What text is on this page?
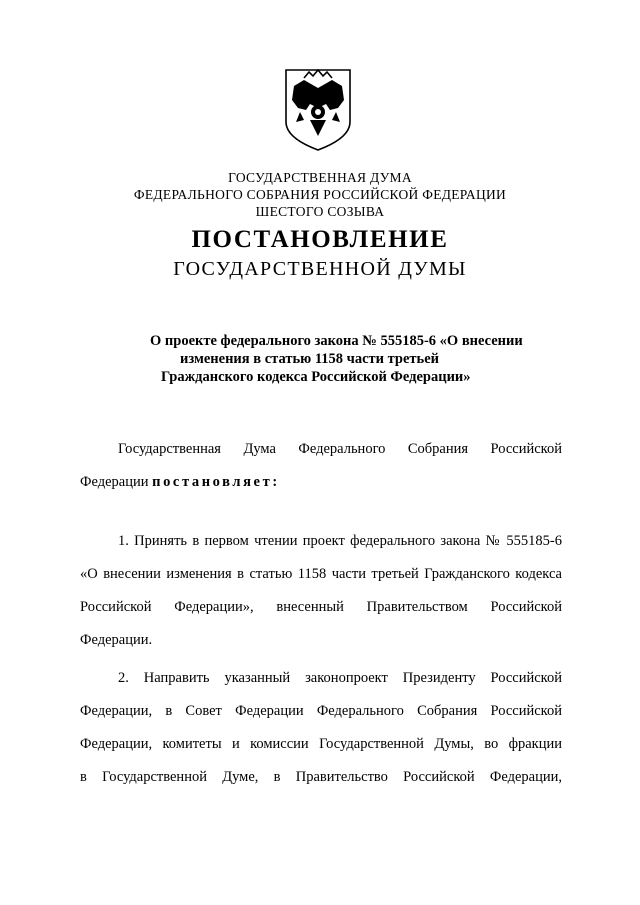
ГОСУДАРСТВЕННАЯ ДУМА
ФЕДЕРАЛЬНОГО СОБРАНИЯ РОССИЙСКОЙ ФЕДЕРАЦИИ
ШЕСТОГО СОЗЫВА
ПОСТАНОВЛЕНИЕ
ГОСУДАРСТВЕННОЙ ДУМЫ
О проекте федерального закона № 555185-6 «О внесении
изменения в статью 1158 части третьей
Гражданского кодекса Российской Федерации»
Государственная Дума Федерального Собрания Российской
Федерации постановляет:
1. Принять в первом чтении проект федерального закона № 555185-6
«О внесении изменения в статью 1158 части третьей Гражданского кодекса
Российской Федерации», внесенный Правительством Российской
Федерации.
2. Направить указанный законопроект Президенту Российской
Федерации, в Совет Федерации Федерального Собрания Российской
Федерации, комитеты и комиссии Государственной Думы, во фракции
в Государственной Думе, в Правительство Российской Федерации,
